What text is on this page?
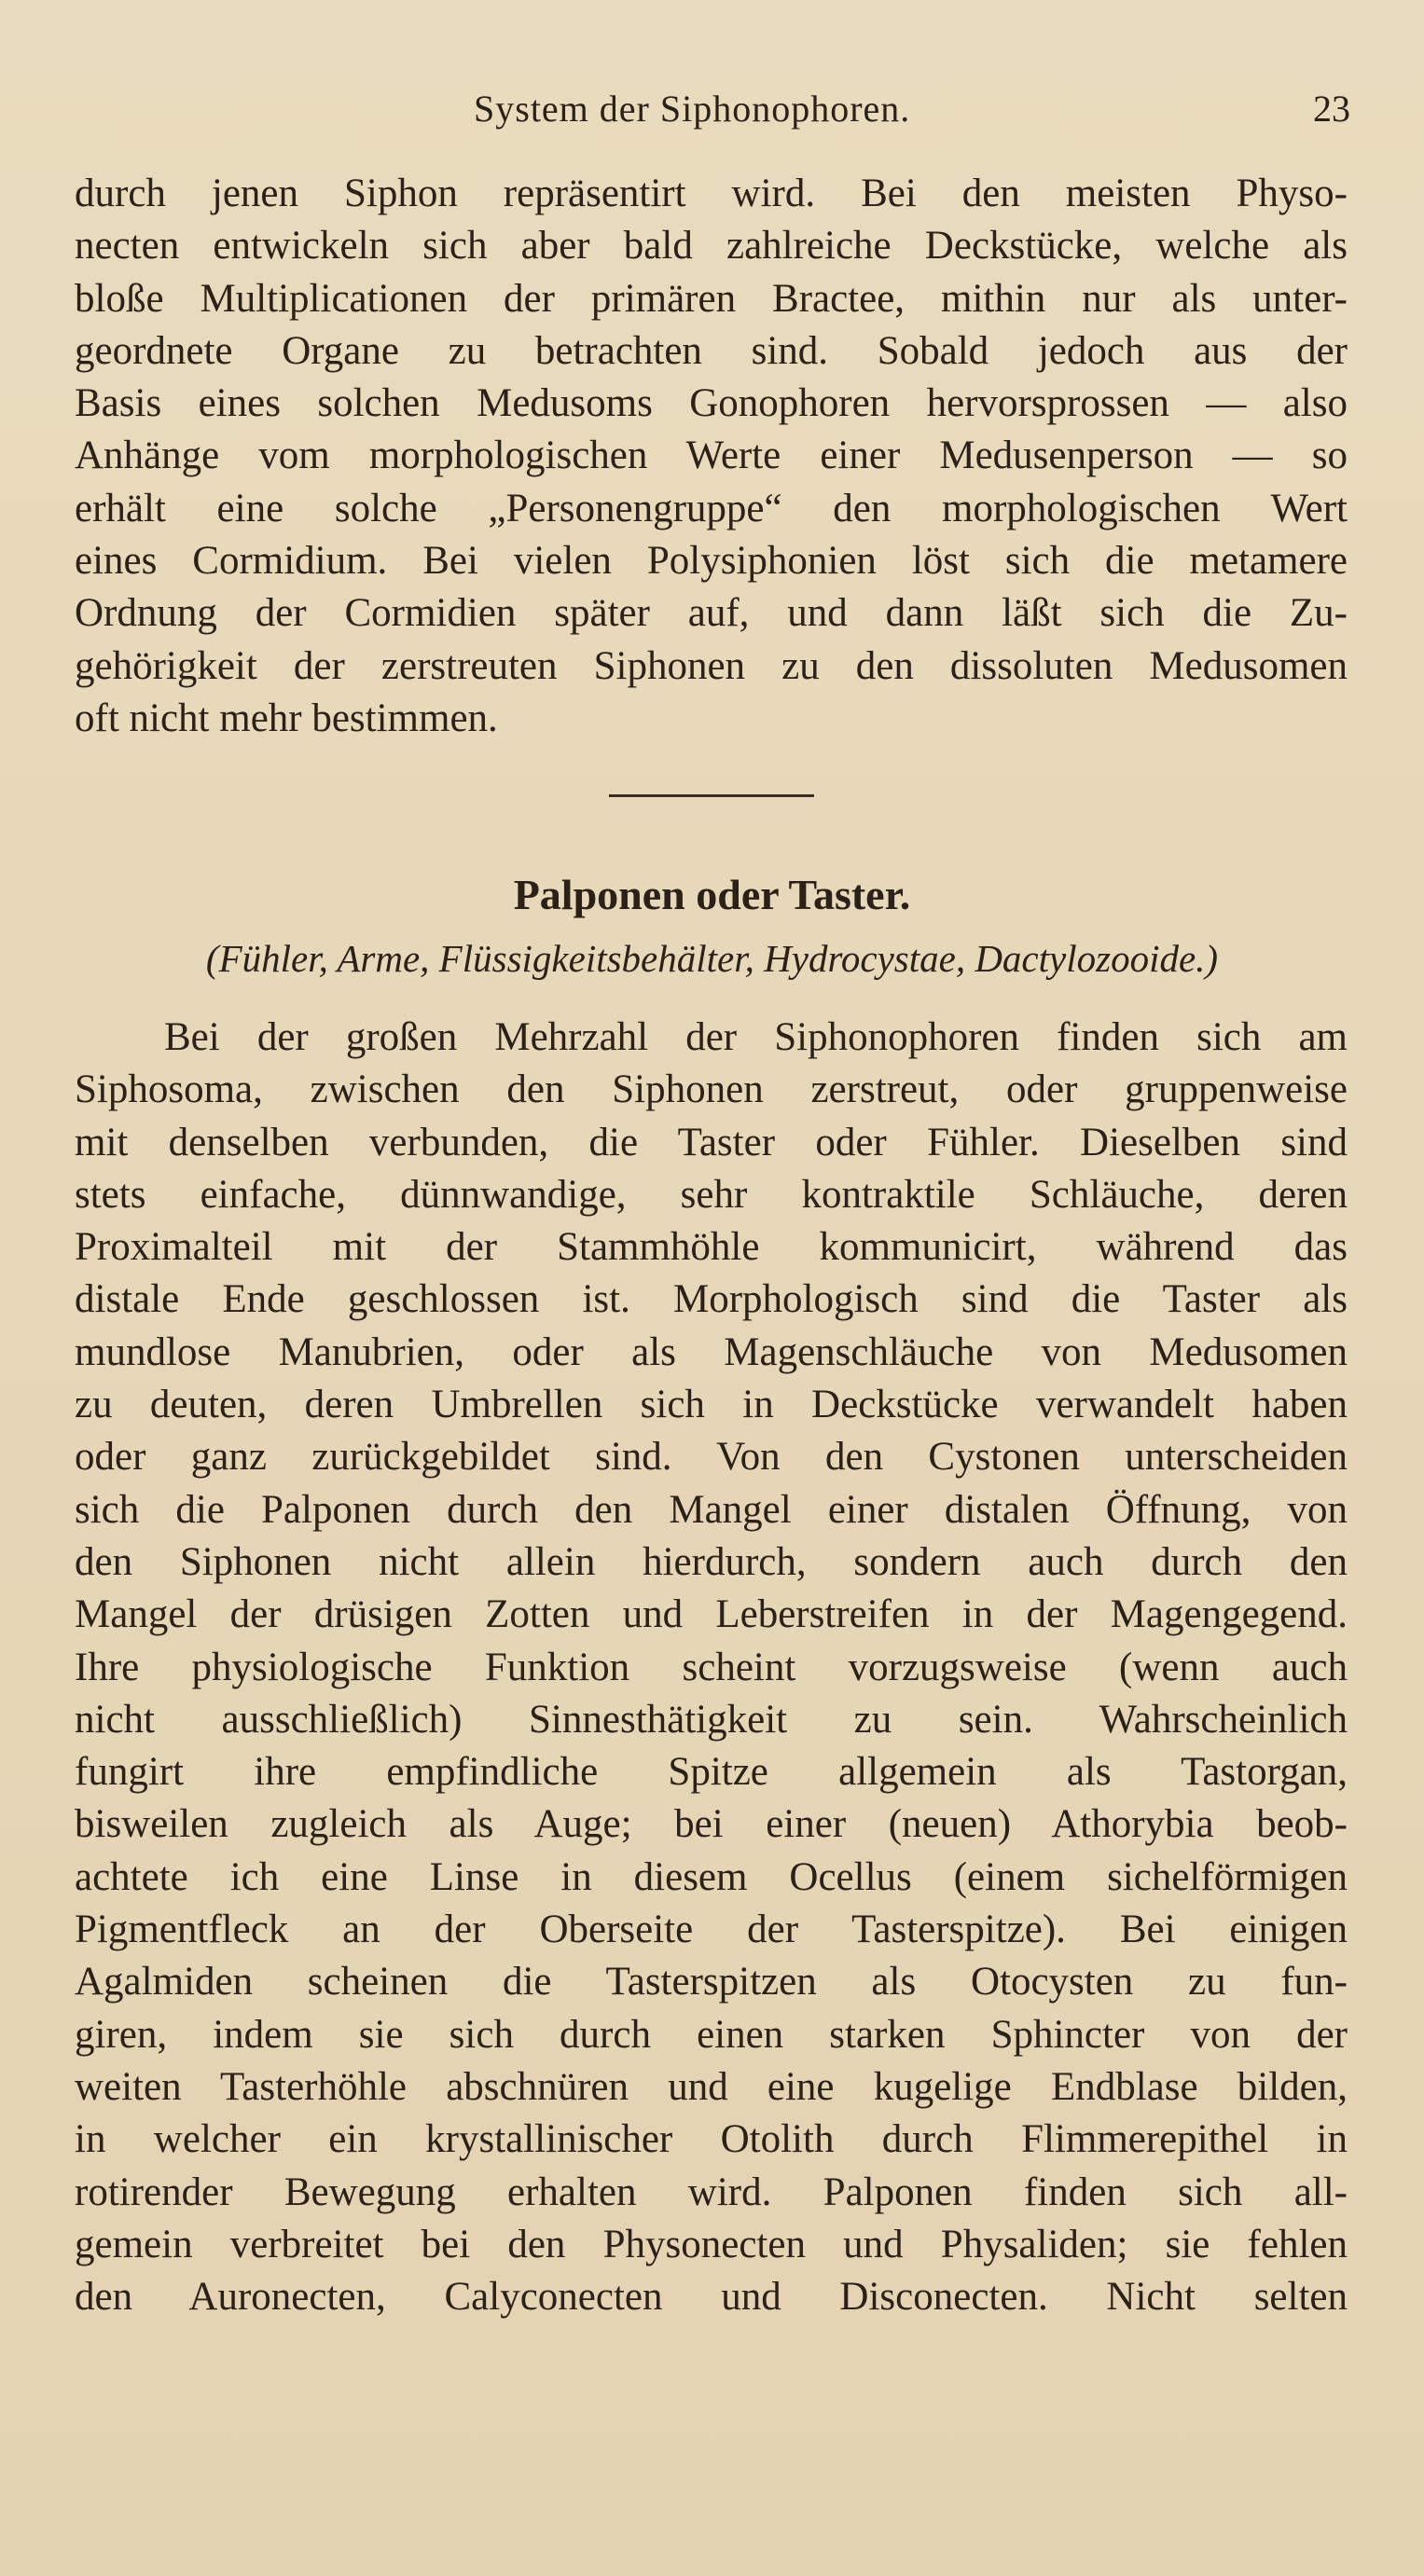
System der Siphonophoren.	23
durch jenen Siphon repräsentirt wird. Bei den meisten Physo-
necten entwickeln sich aber bald zahlreiche Deckstücke, welche als
bloße Multiplicationen der primären Bractee, mithin nur als unter-
geordnete Organe zu betrachten sind. Sobald jedoch aus der
Basis eines solchen Medusoms Gonophoren hervorsprossen — also
Anhänge vom morphologischen Werte einer Medusenperson — so
erhält eine solche „Personengruppe“ den morphologischen Wert
eines Cormidium. Bei vielen Polysiphonien löst sich die metamere
Ordnung der Cormidien später auf, und dann läßt sich die Zu-
gehörigkeit der zerstreuten Siphonen zu den dissoluten Medusomen
oft nicht mehr bestimmen.
Palponen oder Taster.
(Fühler, Arme, Flüssigkeitsbehälter, Hydrocystae, Dactylozooide.)
Bei der großen Mehrzahl der Siphonophoren finden sich am
Siphosoma, zwischen den Siphonen zerstreut, oder gruppenweise
mit denselben verbunden, die Taster oder Fühler. Dieselben sind
stets einfache, dünnwandige, sehr kontraktile Schläuche, deren
Proximalteil mit der Stammhöhle kommunicirt, während das
distale Ende geschlossen ist. Morphologisch sind die Taster als
mundlose Manubrien, oder als Magenschläuche von Medusomen
zu deuten, deren Umbrellen sich in Deckstücke verwandelt haben
oder ganz zurückgebildet sind. Von den Cystonen unterscheiden
sich die Palponen durch den Mangel einer distalen Öffnung, von
den Siphonen nicht allein hierdurch, sondern auch durch den
Mangel der drüsigen Zotten und Leberstreifen in der Magengegend.
Ihre physiologische Funktion scheint vorzugsweise (wenn auch
nicht ausschließlich) Sinnesthätigkeit zu sein. Wahrscheinlich
fungirt ihre empfindliche Spitze allgemein als Tastorgan,
bisweilen zugleich als Auge; bei einer (neuen) Athorybia beob-
achtete ich eine Linse in diesem Ocellus (einem sichelförmigen
Pigmentfleck an der Oberseite der Tasterspitze). Bei einigen
Agalmiden scheinen die Tasterspitzen als Otocysten zu fun-
giren, indem sie sich durch einen starken Sphincter von der
weiten Tasterhöhle abschnüren und eine kugelige Endblase bilden,
in welcher ein krystallinischer Otolith durch Flimmerepithel in
rotirender Bewegung erhalten wird. Palponen finden sich all-
gemein verbreitet bei den Physonecten und Physaliden; sie fehlen
den Auronecten, Calyconecten und Disconecten. Nicht selten
